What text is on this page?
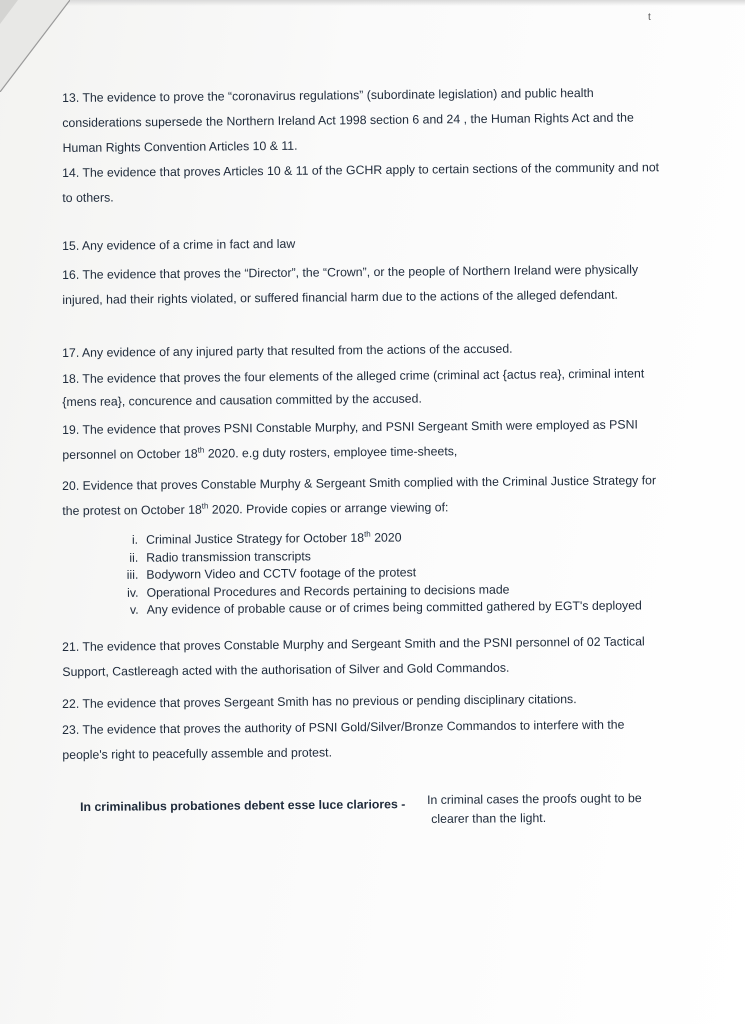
t

13. The evidence to prove the “coronavirus regulations” (subordinate legislation) and public health considerations supersede the Northern Ireland Act 1998 section 6 and 24 , the Human Rights Act and the Human Rights Convention Articles 10 & 11.

14. The evidence that proves Articles 10 & 11 of the GCHR apply to certain sections of the community and not to others.

15. Any evidence of a crime in fact and law

16. The evidence that proves the “Director”, the “Crown”, or the people of Northern Ireland were physically injured, had their rights violated, or suffered financial harm due to the actions of the alleged defendant.

17. Any evidence of any injured party that resulted from the actions of the accused.

18. The evidence that proves the four elements of the alleged crime (criminal act {actus rea}, criminal intent {mens rea}, concurence and causation committed by the accused.

19. The evidence that proves PSNI Constable Murphy, and PSNI Sergeant Smith were employed as PSNI personnel on October 18th 2020. e.g duty rosters, employee time-sheets,

20. Evidence that proves Constable Murphy & Sergeant Smith complied with the Criminal Justice Strategy for the protest on October 18th 2020. Provide copies or arrange viewing of:

i. Criminal Justice Strategy for October 18th 2020
ii. Radio transmission transcripts
iii. Bodyworn Video and CCTV footage of the protest
iv. Operational Procedures and Records pertaining to decisions made
v. Any evidence of probable cause or of crimes being committed gathered by EGT's deployed

21. The evidence that proves Constable Murphy and Sergeant Smith and the PSNI personnel of 02 Tactical Support, Castlereagh acted with the authorisation of Silver and Gold Commandos.

22. The evidence that proves Sergeant Smith has no previous or pending disciplinary citations.

23. The evidence that proves the authority of PSNI Gold/Silver/Bronze Commandos to interfere with the people's right to peacefully assemble and protest.

In criminalibus probationes debent esse luce clariores -	In criminal cases the proofs ought to be
clearer than the light.
